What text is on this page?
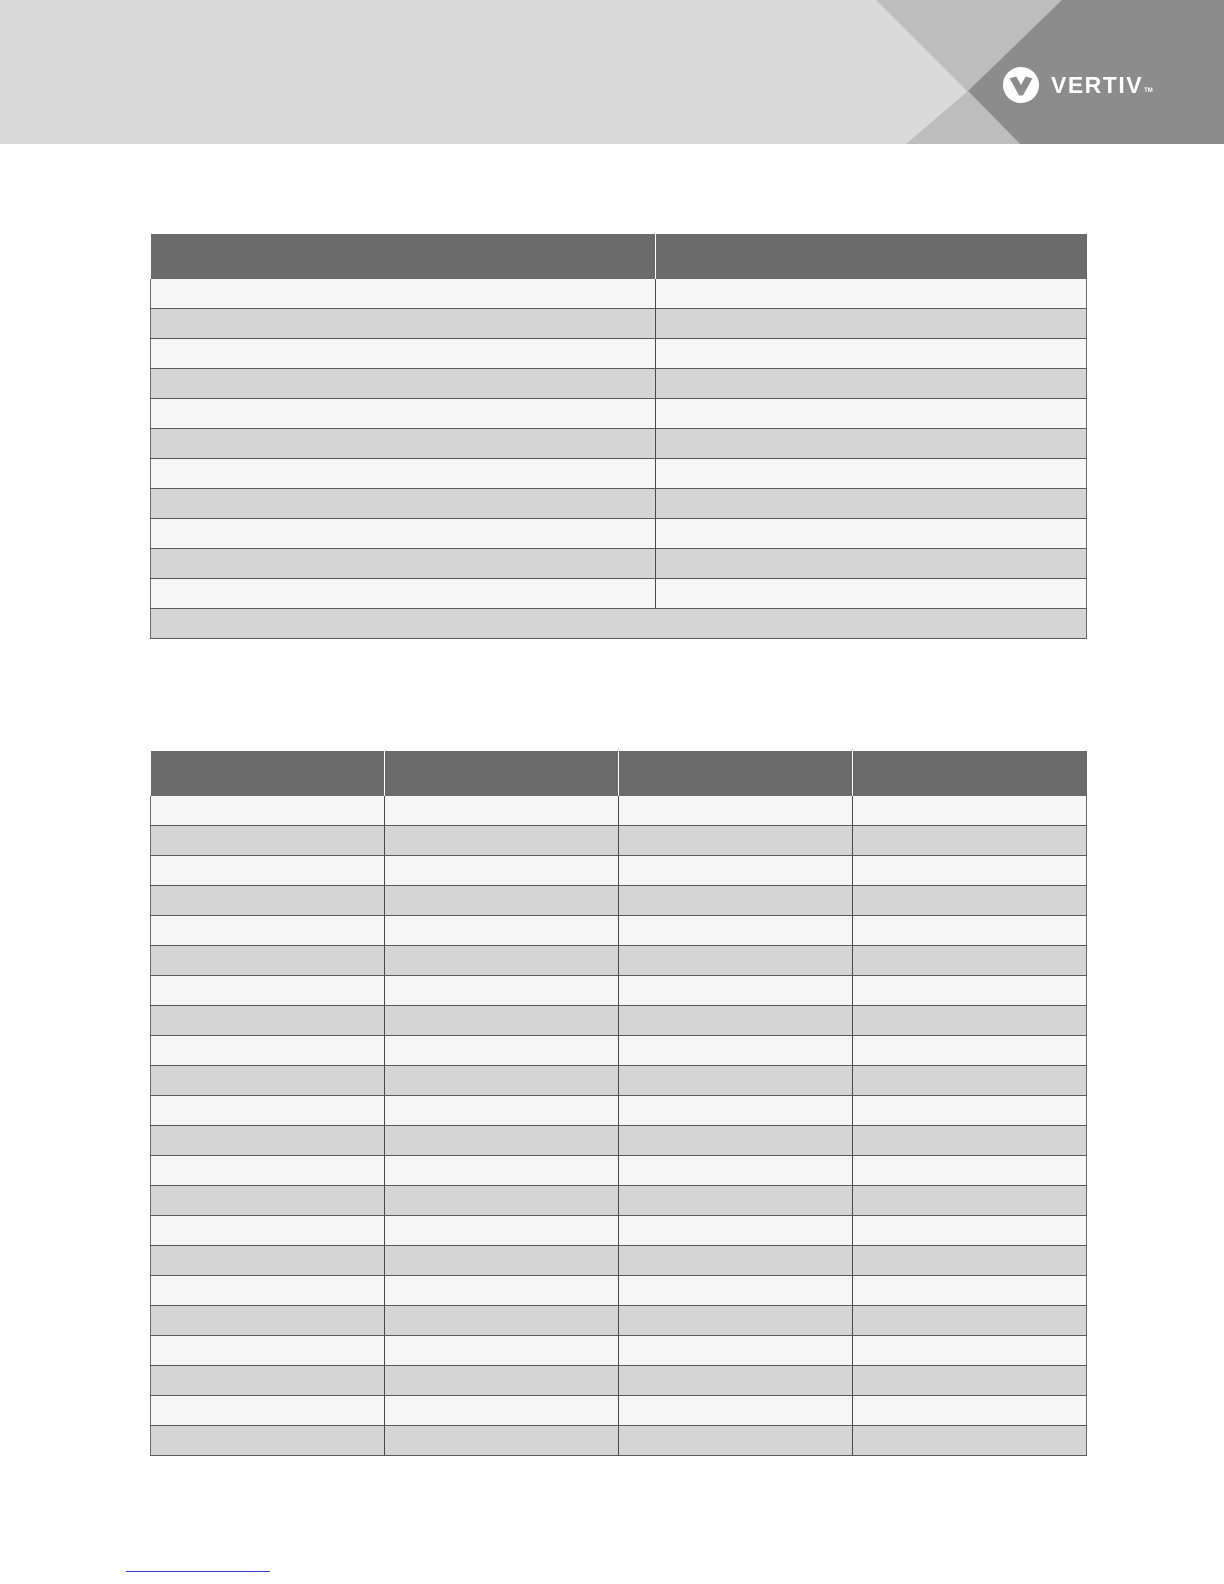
VERTIV TM
